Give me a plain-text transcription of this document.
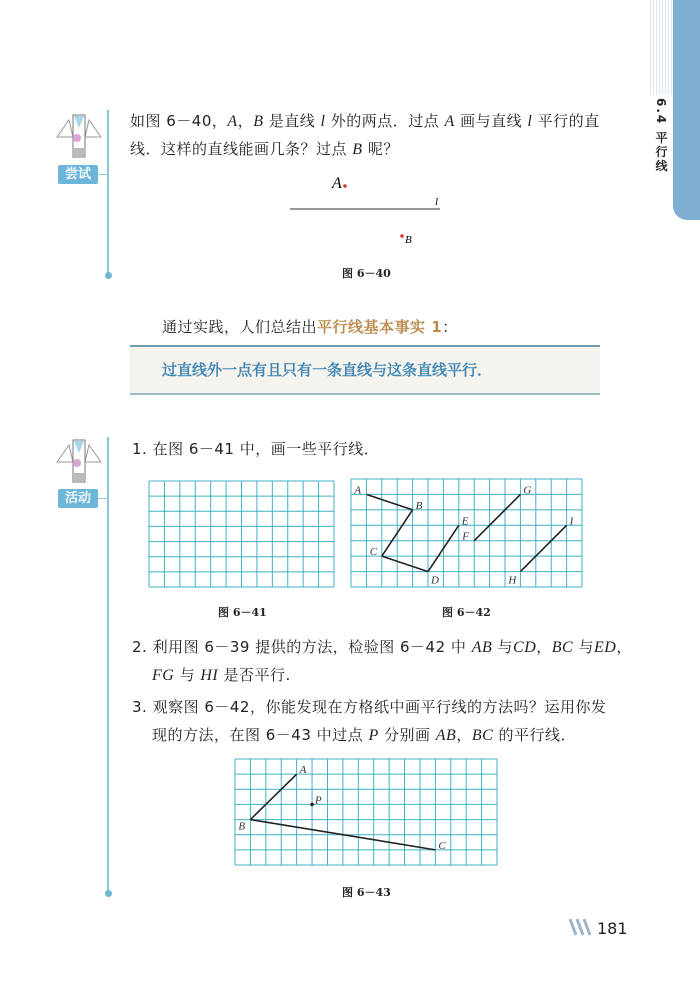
6.4 平行线
尝试
如图 6－40，A，B 是直线 l 外的两点．过点 A 画与直线 l 平行的直
线．这样的直线能画几条？过点 B 呢？
A
l
B
图 6－40
通过实践，人们总结出平行线基本事实 1：
过直线外一点有且只有一条直线与这条直线平行．
活动
1. 在图 6－41 中，画一些平行线．
A
B
C
D
E
F
G
H
I
图 6－41	图 6－42
2. 利用图 6－39 提供的方法，检验图 6－42 中 AB 与CD，BC 与ED，
FG 与 HI 是否平行.
3. 观察图 6－42，你能发现在方格纸中画平行线的方法吗？运用你发
现的方法，在图 6－43 中过点 P 分别画 AB，BC 的平行线．
A
B
P
C
图 6－43
181
